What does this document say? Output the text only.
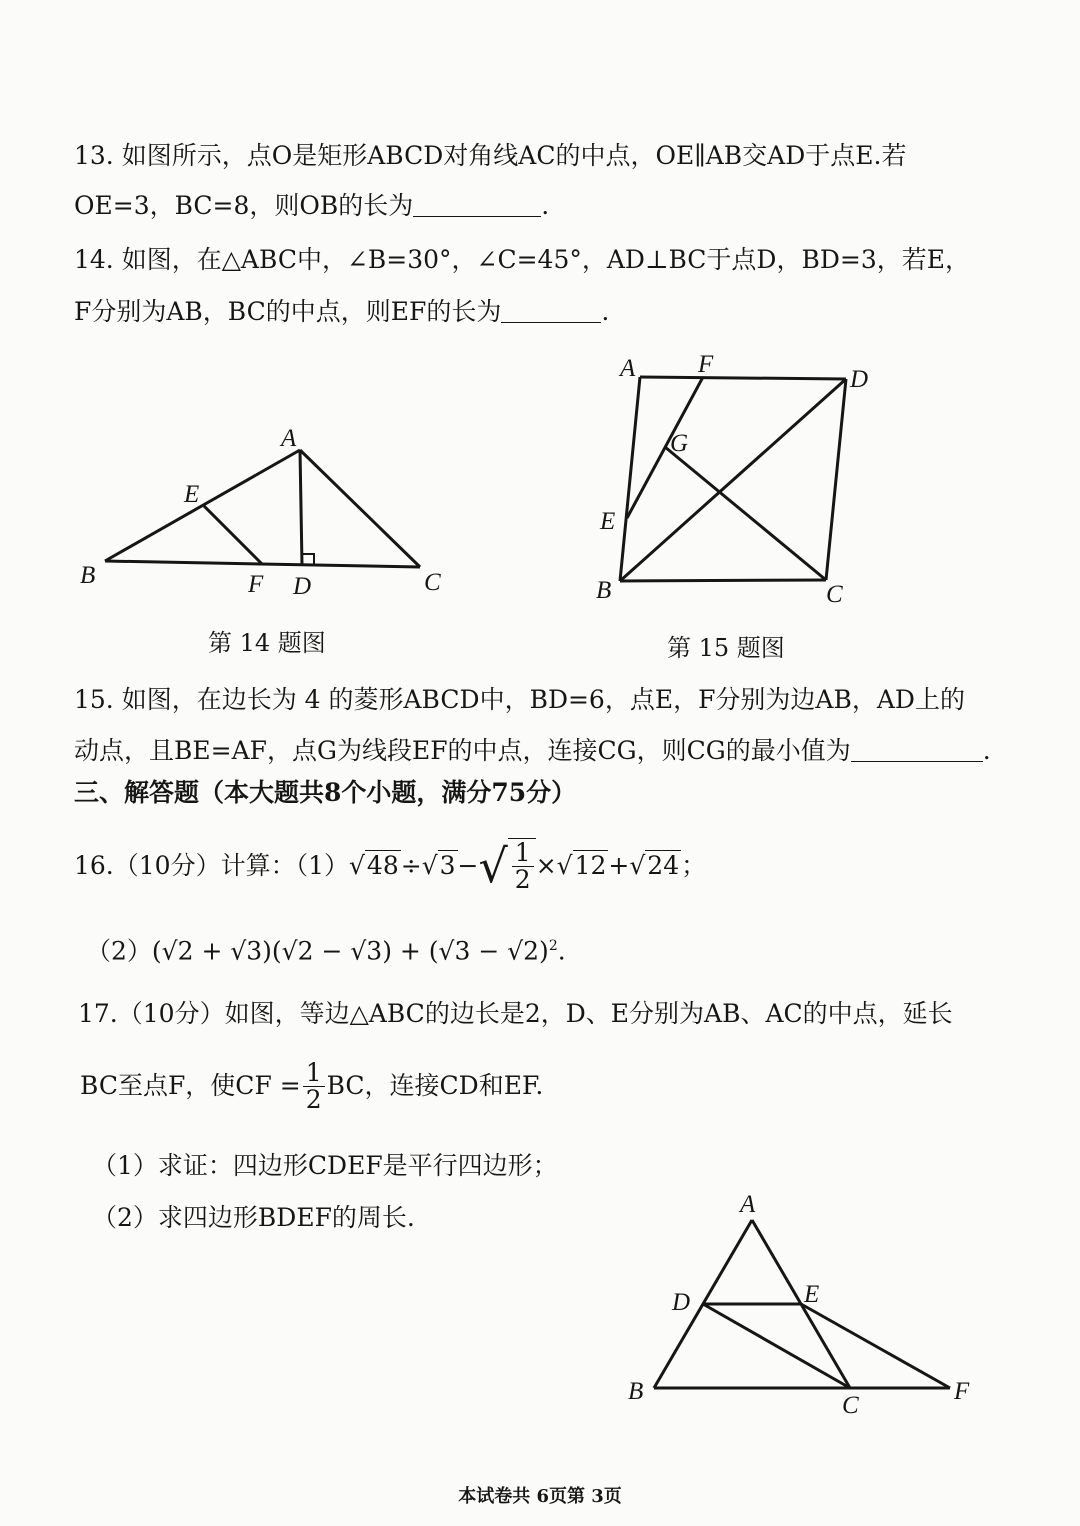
13. 如图所示，点O是矩形ABCD对角线AC的中点，OE∥AB交AD于点E.若

OE=3，BC=8，则OB的长为	.

14. 如图，在△ABC中，∠B=30°，∠C=45°，AD⊥BC于点D，BD=3，若E，

F分别为AB，BC的中点，则EF的长为	.

A
B	C
D
E
F
第 14 题图
A	F
D
G
E
B	C
第 15 题图

15. 如图，在边长为 4 的菱形ABCD中，BD=6，点E，F分别为边AB，AD上的

动点，且BE=AF，点G为线段EF的中点，连接CG，则CG的最小值为	.

三、解答题（本大题共8个小题，满分75分）

16.（10分）计算：（1） √48 ÷ √3 − √ $\frac{1}{2} \times √12 + √24$ ；

$(2)(√2 + √3)(√2 - √3) + (√3 - √2)^2$.

17.（10分）如图，等边△ABC的边长是2，D、E分别为AB、AC的中点，延长

BC至点F，使CF = $\frac{1}{2}$ BC，连接CD和EF.

（1）求证：四边形CDEF是平行四边形；

（2）求四边形BDEF的周长.	A
D	E
B
C
F
本试卷共 6页第 3页
